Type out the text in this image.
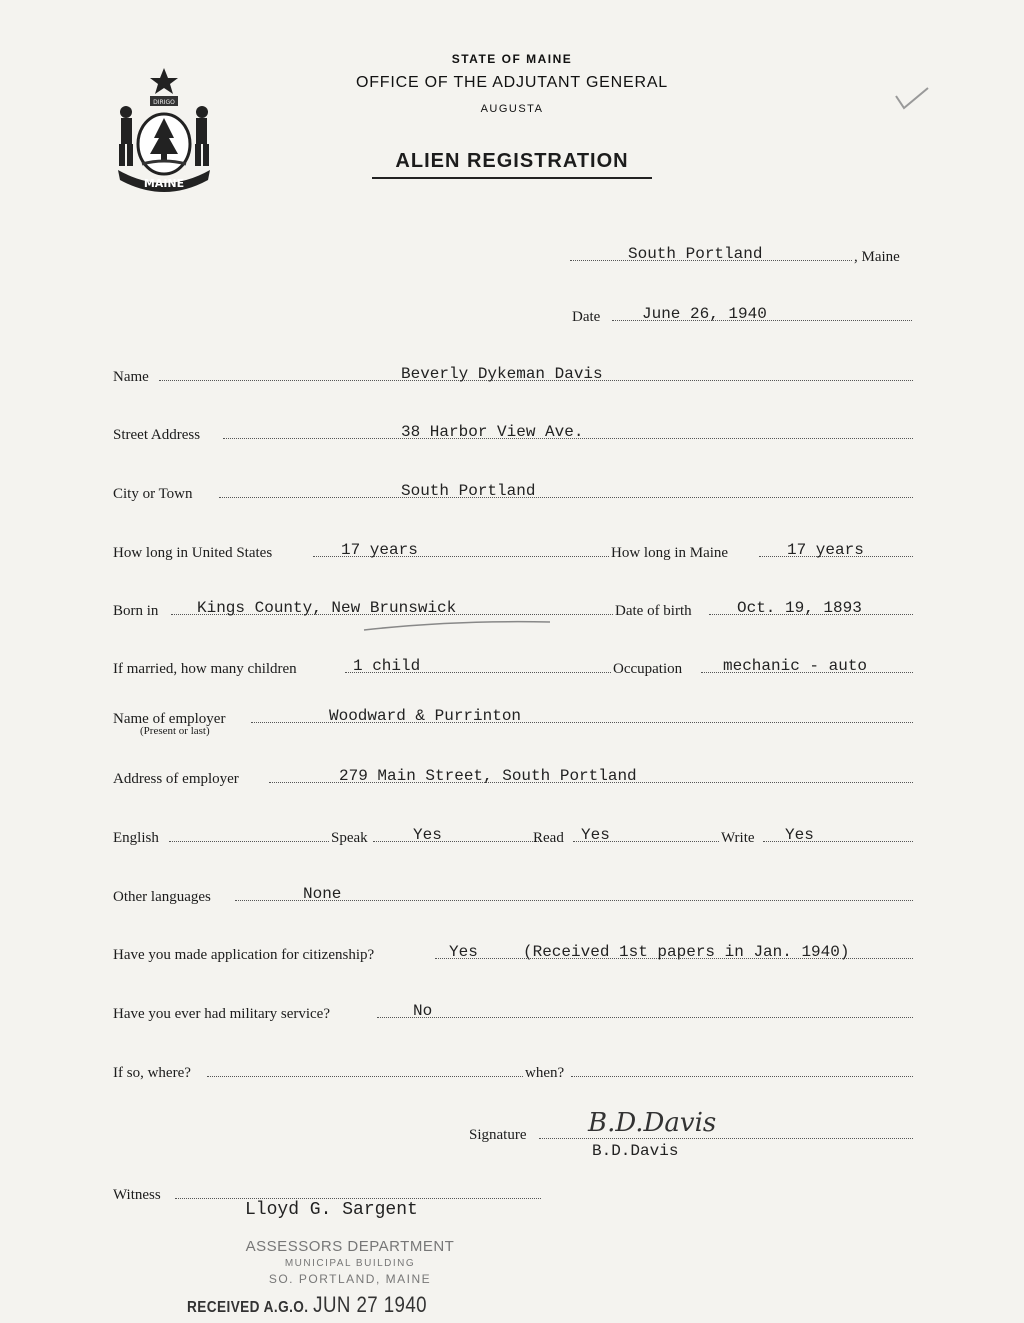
DIRIGO
MAINE
STATE OF MAINE
OFFICE OF THE ADJUTANT GENERAL
AUGUSTA
ALIEN REGISTRATION
South Portland	, Maine
Date	June 26, 1940
Name	Beverly Dykeman Davis
Street Address	38 Harbor View Ave.
City or Town	South Portland
How long in United States	17 years	How long in Maine	17 years
Born in Kings County, New Brunswick	Date of birth	Oct. 19, 1893
If married, how many children	1 child	Occupation	mechanic - auto
Name of employer	Woodward & Purrinton
(Present or last)
Address of employer	279 Main Street, South Portland
English	Speak	Yes	Read Yes	Write Yes
Other languages	None
Have you made application for citizenship?	Yes	(Received 1st papers in Jan. 1940)
Have you ever had military service?	No
If so, where?	when?
Signature B.D.Davis
B.D.Davis
Witness
Lloyd G. Sargent
ASSESSORS DEPARTMENT
MUNICIPAL BUILDING
SO. PORTLAND, MAINE
RECEIVED A.G.O. JUN 27 1940
